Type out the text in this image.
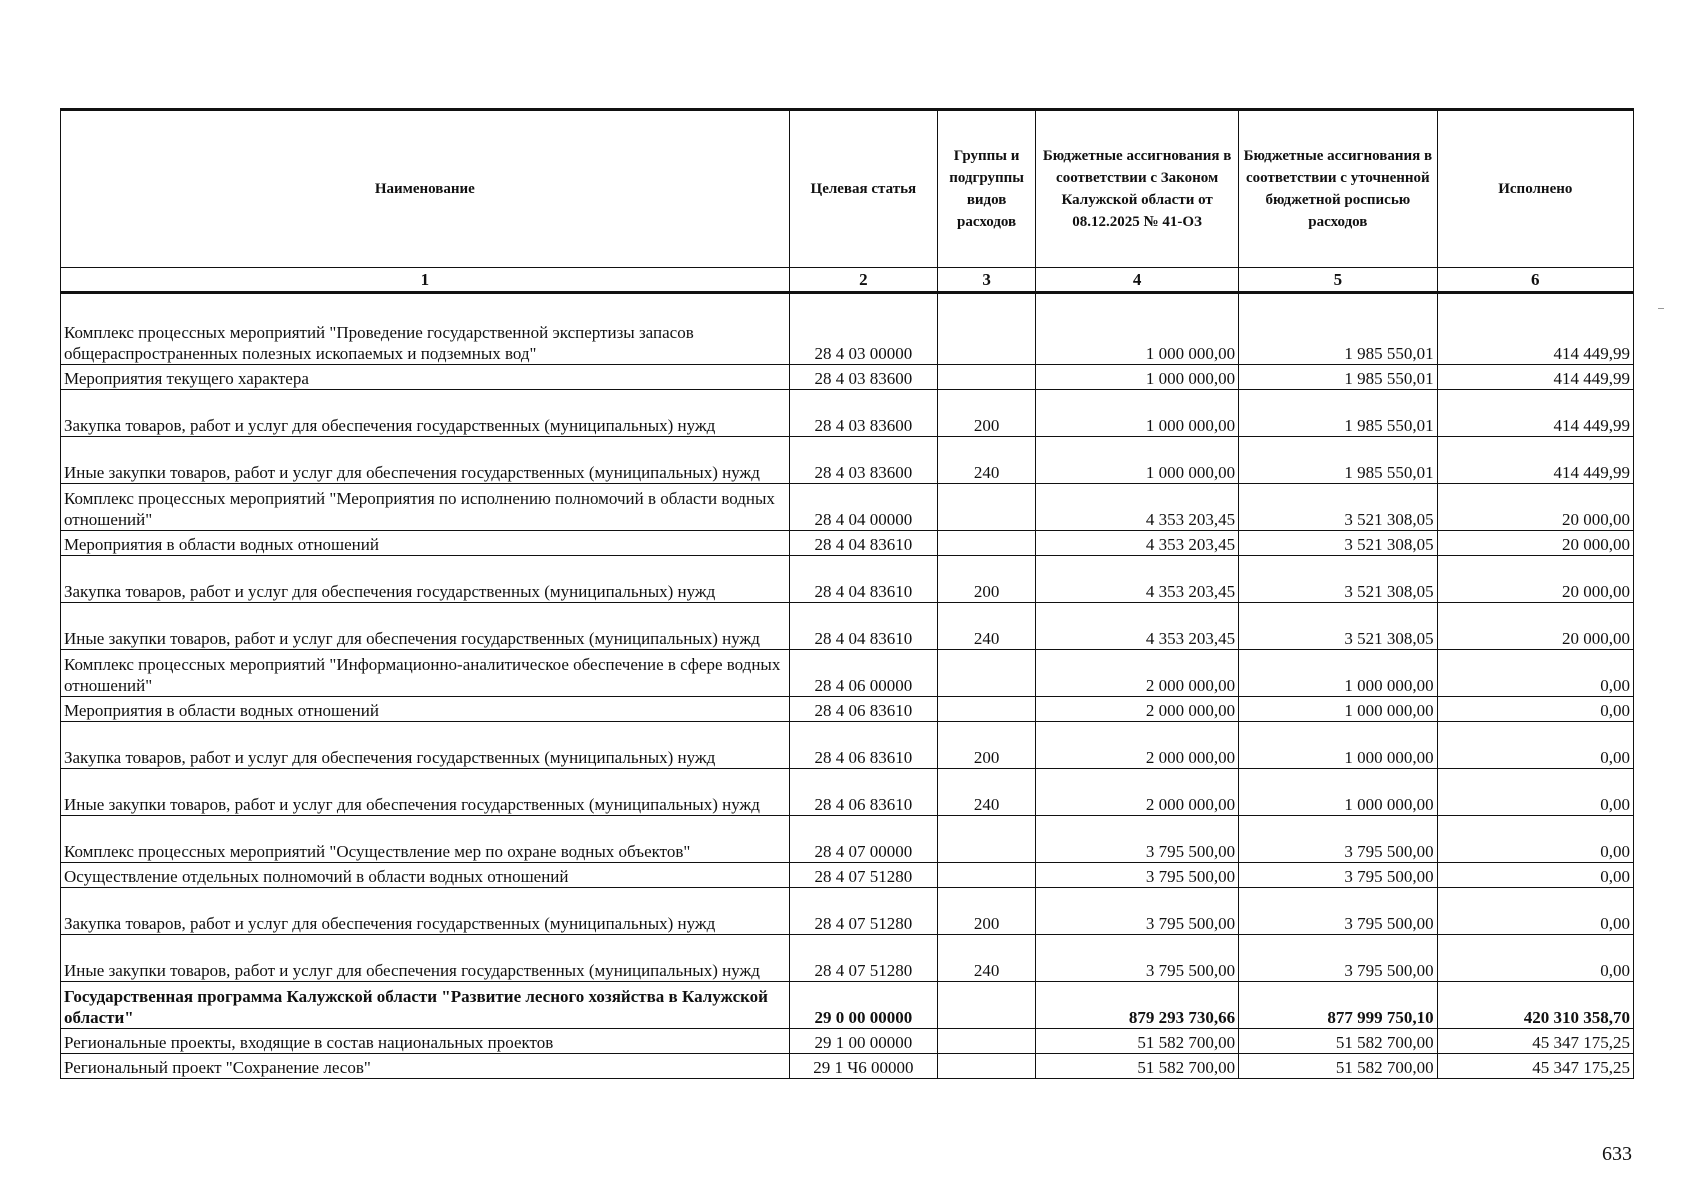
Наименование	Целевая статья	Группы и подгруппы видов расходов	Бюджетные ассигнования в соответствии с Законом Калужской области от 08.12.2025 № 41-ОЗ	Бюджетные ассигнования в соответствии с уточненной бюджетной росписью расходов	Исполнено
1	2	3	4	5	6
Комплекс процессных мероприятий "Проведение государственной экспертизы запасов общераспространенных полезных ископаемых и подземных вод"	28 4 03 00000		1 000 000,00	1 985 550,01	414 449,99
Мероприятия текущего характера	28 4 03 83600		1 000 000,00	1 985 550,01	414 449,99
Закупка товаров, работ и услуг для обеспечения государственных (муниципальных) нужд	28 4 03 83600	200	1 000 000,00	1 985 550,01	414 449,99
Иные закупки товаров, работ и услуг для обеспечения государственных (муниципальных) нужд	28 4 03 83600	240	1 000 000,00	1 985 550,01	414 449,99
Комплекс процессных мероприятий "Мероприятия по исполнению полномочий в области водных отношений"	28 4 04 00000		4 353 203,45	3 521 308,05	20 000,00
Мероприятия в области водных отношений	28 4 04 83610		4 353 203,45	3 521 308,05	20 000,00
Закупка товаров, работ и услуг для обеспечения государственных (муниципальных) нужд	28 4 04 83610	200	4 353 203,45	3 521 308,05	20 000,00
Иные закупки товаров, работ и услуг для обеспечения государственных (муниципальных) нужд	28 4 04 83610	240	4 353 203,45	3 521 308,05	20 000,00
Комплекс процессных мероприятий "Информационно-аналитическое обеспечение в сфере водных отношений"	28 4 06 00000		2 000 000,00	1 000 000,00	0,00
Мероприятия в области водных отношений	28 4 06 83610		2 000 000,00	1 000 000,00	0,00
Закупка товаров, работ и услуг для обеспечения государственных (муниципальных) нужд	28 4 06 83610	200	2 000 000,00	1 000 000,00	0,00
Иные закупки товаров, работ и услуг для обеспечения государственных (муниципальных) нужд	28 4 06 83610	240	2 000 000,00	1 000 000,00	0,00
Комплекс процессных мероприятий "Осуществление мер по охране водных объектов"	28 4 07 00000		3 795 500,00	3 795 500,00	0,00
Осуществление отдельных полномочий в области водных отношений	28 4 07 51280		3 795 500,00	3 795 500,00	0,00
Закупка товаров, работ и услуг для обеспечения государственных (муниципальных) нужд	28 4 07 51280	200	3 795 500,00	3 795 500,00	0,00
Иные закупки товаров, работ и услуг для обеспечения государственных (муниципальных) нужд	28 4 07 51280	240	3 795 500,00	3 795 500,00	0,00
Государственная программа Калужской области "Развитие лесного хозяйства в Калужской области"	29 0 00 00000		879 293 730,66	877 999 750,10	420 310 358,70
Региональные проекты, входящие в состав национальных проектов	29 1 00 00000		51 582 700,00	51 582 700,00	45 347 175,25
Региональный проект "Сохранение лесов"	29 1 Ч6 00000		51 582 700,00	51 582 700,00	45 347 175,25
633
